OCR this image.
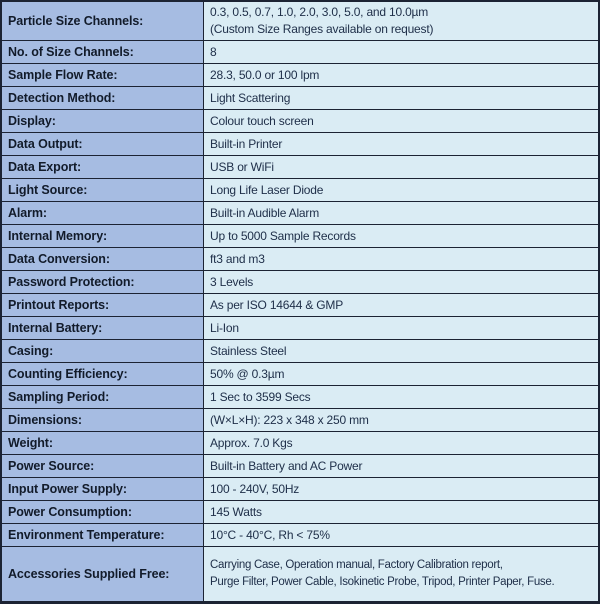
Particle Size Channels:
0.3, 0.5, 0.7, 1.0, 2.0, 3.0, 5.0, and 10.0µm
(Custom Size Ranges available on request)
No. of Size Channels:	8
Sample Flow Rate:	28.3, 50.0 or 100 lpm
Detection Method:	Light Scattering
Display:	Colour touch screen
Data Output:	Built-in Printer
Data Export:	USB or WiFi
Light Source:	Long Life Laser Diode
Alarm:	Built-in Audible Alarm
Internal Memory:	Up to 5000 Sample Records
Data Conversion:	ft3 and m3
Password Protection:	3 Levels
Printout Reports:	As per ISO 14644 & GMP
Internal Battery:	Li-Ion
Casing:	Stainless Steel
Counting Efficiency:	50% @ 0.3µm
Sampling Period:	1 Sec to 3599 Secs
Dimensions:	(W×L×H): 223 x 348 x 250 mm
Weight:	Approx. 7.0 Kgs
Power Source:	Built-in Battery and AC Power
Input Power Supply:	100 - 240V, 50Hz
Power Consumption:	145 Watts
Environment Temperature:	10°C - 40°C, Rh < 75%
Accessories Supplied Free:
Carrying Case, Operation manual, Factory Calibration report,
Purge Filter, Power Cable, Isokinetic Probe, Tripod, Printer Paper, Fuse.
